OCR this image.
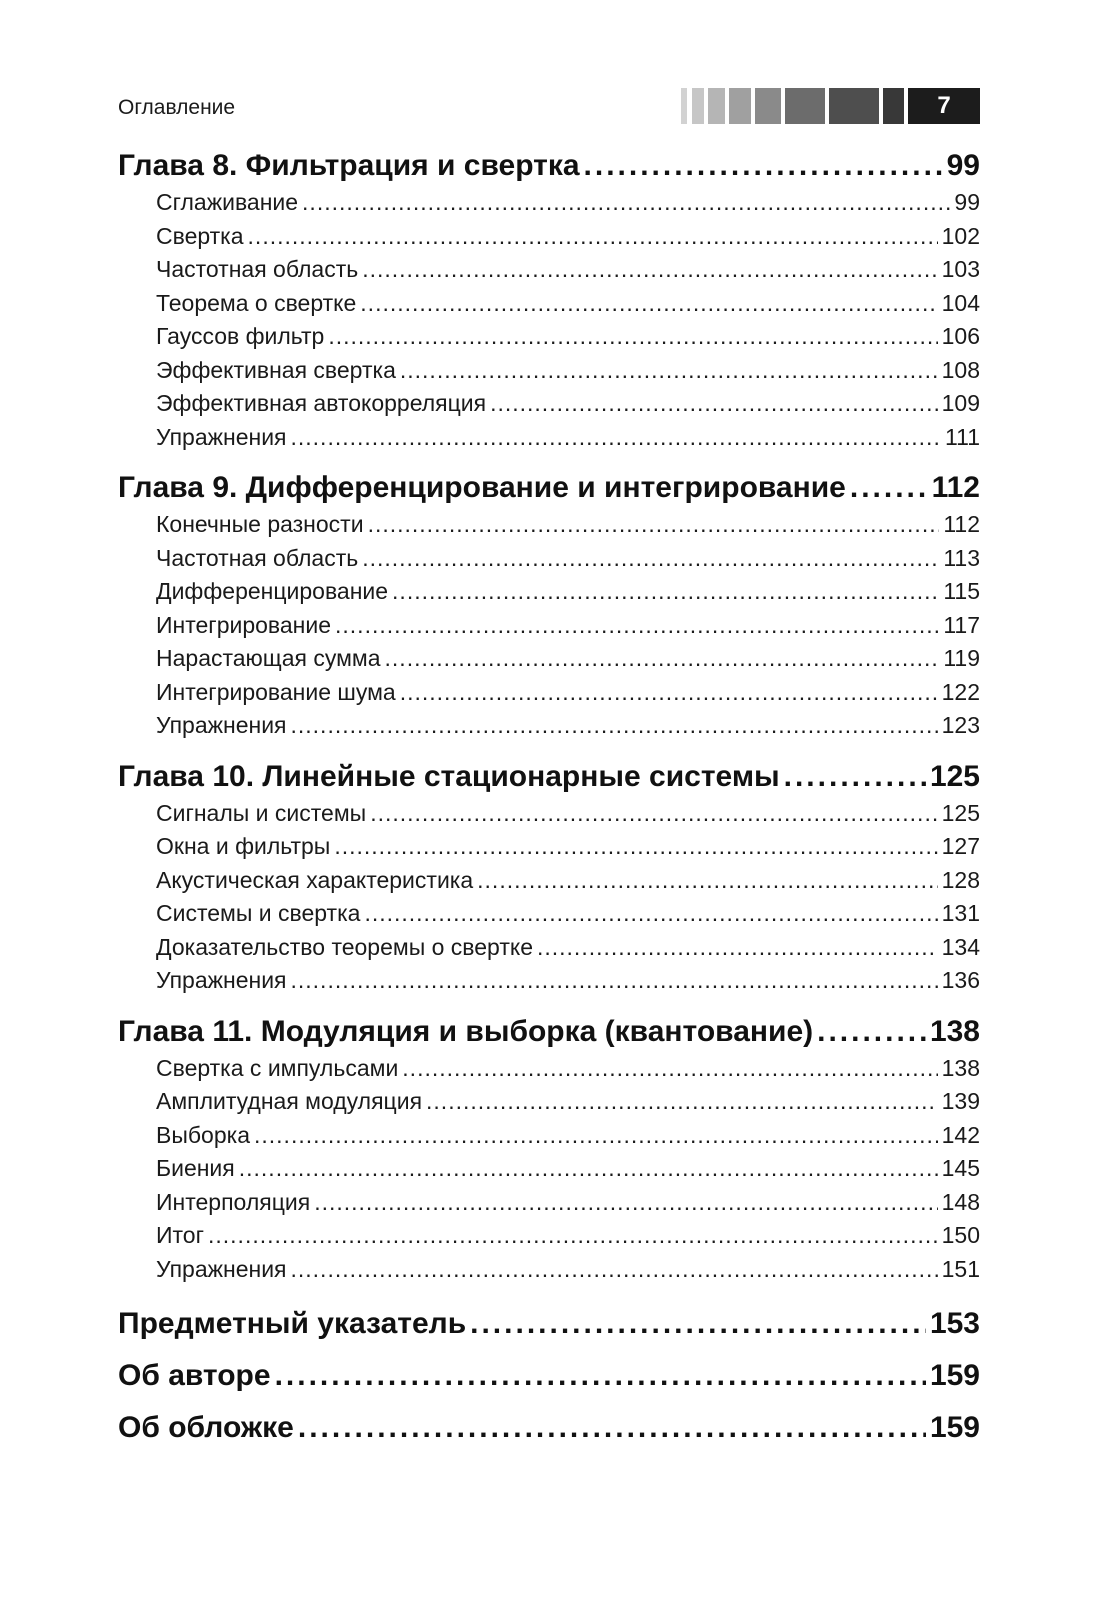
Оглавление	7
Глава 8. Фильтрация и свертка .....	99
Сглаживание .....	99
Свертка .....	102
Частотная область .....	103
Теорема о свертке .....	104
Гауссов фильтр .....	106
Эффективная свертка .....	108
Эффективная автокорреляция .....	109
Упражнения .....	111
Глава 9. Дифференцирование и интегрирование .....	112
Конечные разности .....	112
Частотная область .....	113
Дифференцирование .....	115
Интегрирование .....	117
Нарастающая сумма .....	119
Интегрирование шума .....	122
Упражнения .....	123
Глава 10. Линейные стационарные системы .....	125
Сигналы и системы .....	125
Окна и фильтры .....	127
Акустическая характеристика .....	128
Системы и свертка .....	131
Доказательство теоремы о свертке .....	134
Упражнения .....	136
Глава 11. Модуляция и выборка (квантование) .....	138
Свертка с импульсами .....	138
Амплитудная модуляция .....	139
Выборка .....	142
Биения .....	145
Интерполяция .....	148
Итог .....	150
Упражнения .....	151
Предметный указатель .....	153
Об авторе .....	159
Об обложке .....	159
